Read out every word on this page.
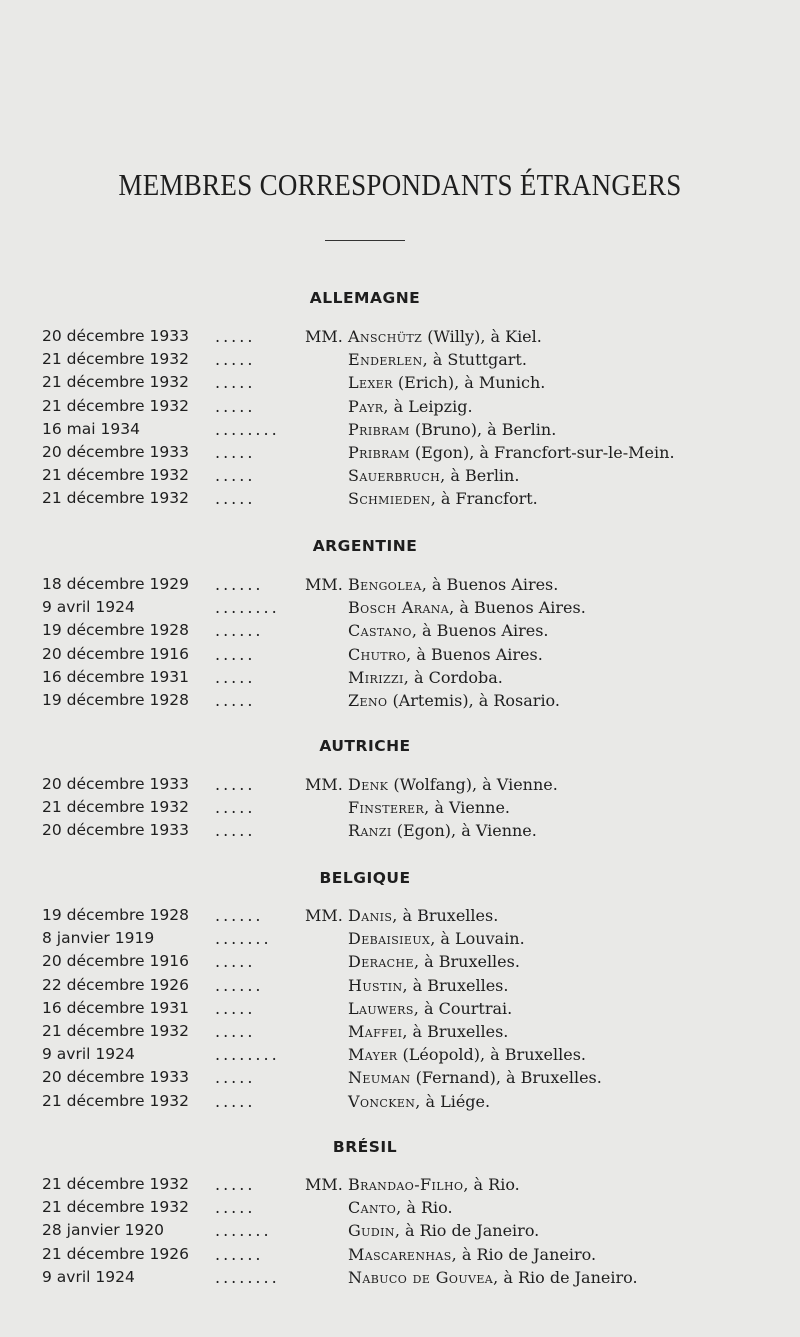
MEMBRES CORRESPONDANTS ÉTRANGERS
ALLEMAGNE
20 décembre 1933 .....	MM. Anschütz (Willy), à Kiel.
21 décembre 1932 .....	Enderlen, à Stuttgart.
21 décembre 1932 .....	Lexer (Erich), à Munich.
21 décembre 1932 .....	Payr, à Leipzig.
16 mai 1934	........	Pribram (Bruno), à Berlin.
20 décembre 1933 .....	Pribram (Egon), à Francfort-sur-le-Mein.
21 décembre 1932 .....	Sauerbruch, à Berlin.
21 décembre 1932 .....	Schmieden, à Francfort.
ARGENTINE
18 décembre 1929 ......	MM. Bengolea, à Buenos Aires.
9 avril 1924	........	Bosch Arana, à Buenos Aires.
19 décembre 1928 ......	Castano, à Buenos Aires.
20 décembre 1916 .....	Chutro, à Buenos Aires.
16 décembre 1931 .....	Mirizzi, à Cordoba.
19 décembre 1928 .....	Zeno (Artemis), à Rosario.
AUTRICHE
20 décembre 1933 .....	MM. Denk (Wolfang), à Vienne.
21 décembre 1932 .....	Finsterer, à Vienne.
20 décembre 1933 .....	Ranzi (Egon), à Vienne.
BELGIQUE
19 décembre 1928 ......	MM. Danis, à Bruxelles.
8 janvier 1919	.......	Debaisieux, à Louvain.
20 décembre 1916 .....	Derache, à Bruxelles.
22 décembre 1926 ......	Hustin, à Bruxelles.
16 décembre 1931 .....	Lauwers, à Courtrai.
21 décembre 1932 .....	Maffei, à Bruxelles.
9 avril 1924	........	Mayer (Léopold), à Bruxelles.
20 décembre 1933 .....	Neuman (Fernand), à Bruxelles.
21 décembre 1932 .....	Voncken, à Liége.
BRÉSIL
21 décembre 1932 .....	MM. Brandao-Filho, à Rio.
21 décembre 1932 .....	Canto, à Rio.
28 janvier 1920	.......	Gudin, à Rio de Janeiro.
21 décembre 1926 ......	Mascarenhas, à Rio de Janeiro.
9 avril 1924	........	Nabuco de Gouvea, à Rio de Janeiro.
